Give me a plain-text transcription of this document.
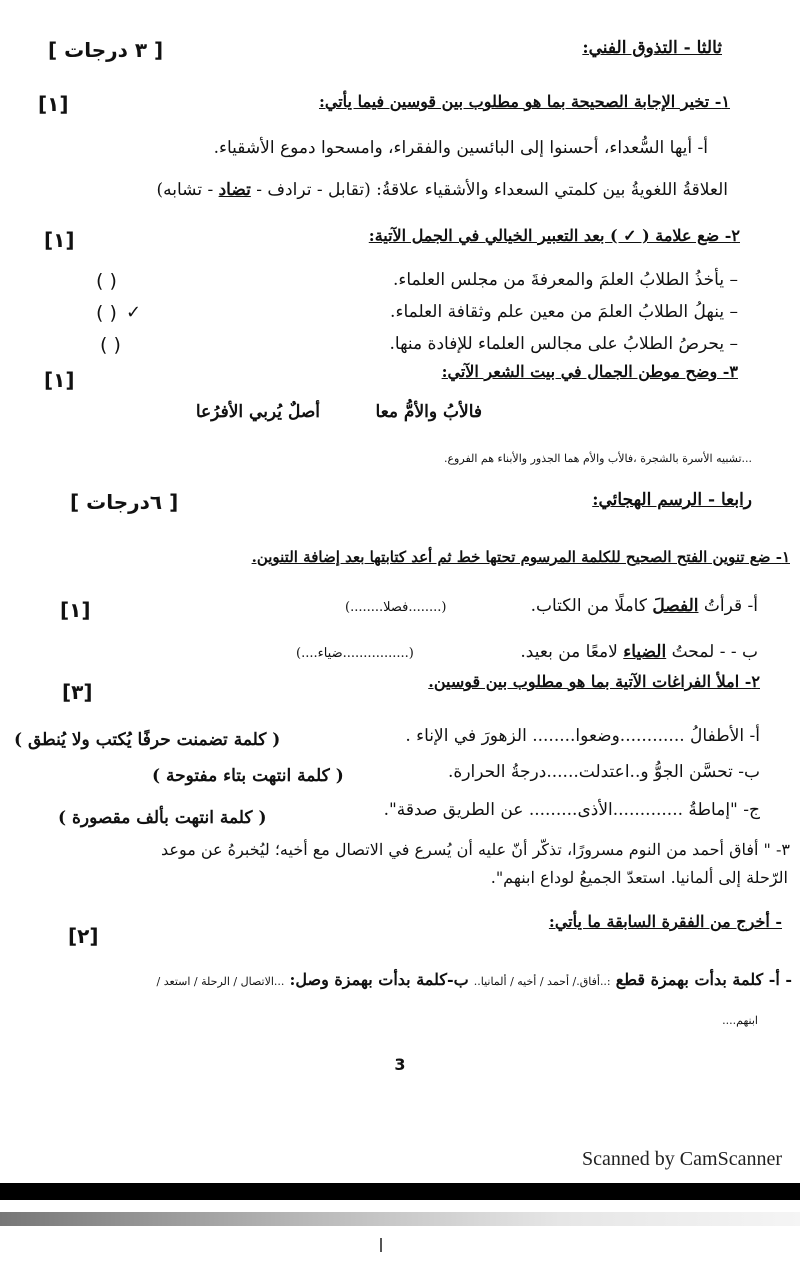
ثالثا - التذوق الفني:
[ ٣ درجات ]
١- تخير الإجابة الصحيحة بما هو مطلوب بين قوسين فيما يأتي:
[١]
أ- أيها السُّعداء، أحسنوا إلى البائسين والفقراء، وامسحوا دموع الأشقياء.
العلاقةُ اللغويةُ بين كلمتي السعداء والأشقياء علاقةُ: (تقابل - ترادف - تضاد - تشابه)
٢- ضع علامة ( ✓ ) بعد التعبير الخيالي في الجمل الآتية:
[١]
– يأخذُ الطلابُ العلمَ والمعرفةَ من مجلس العلماء.
( )
– ينهلُ الطلابُ العلمَ من معين علم وثقافة العلماء.
( ) ✓
– يحرصُ الطلابُ على مجالس العلماء للإفادة منها.
( )
٣- وضح موطن الجمال في بيت الشعر الآتي:
[١]
فالأبُ والأمُّ معا
أصلٌ يُربي الأفرُعا
...تشبيه الأسرة بالشجرة ،فالأب والأم هما الجذور والأبناء هم الفروع.
رابعا - الرسم الهجائي:
[ ٦درجات ]
١- ضع تنوين الفتح الصحيح للكلمة المرسوم تحتها خط ثم أعد كتابتها بعد إضافة التنوين.
[١]	أ- قرأتُ الفصلَ كاملًا من الكتاب.
(........فصلا........)
ب - - لمحتُ الضياء لامعًا من بعيد.
(................ضياء....)
٢- املأ الفراغات الآتية بما هو مطلوب بين قوسين.
[٣]
أ- الأطفالُ ............وضعوا........ الزهورَ في الإناء .
( كلمة تضمنت حرفًا يُكتب ولا يُنطق )
ب- تحسَّن الجوُّ و..اعتدلت......درجةُ الحرارة.
( كلمة انتهت بتاء مفتوحة )
ج- "إماطةُ .............الأذى......... عن الطريق صدقة".
( كلمة انتهت بألف مقصورة )
٣- " أفاق أحمد من النوم مسرورًا، تذكّر أنّ عليه أن يُسرع في الاتصال مع أخيه؛ ليُخبرهُ عن موعد
الرّحلة إلى ألمانيا. استعدّ الجميعُ لوداع ابنهم".
- أخرج من الفقرة السابقة ما يأتي:
[٢]
- أ- كلمة بدأت بهمزة قطع :..أفاق./ أحمد / أخيه / ألمانيا.. ب-كلمة بدأت بهمزة وصل: ...الاتصال / الرحلة / استعد /
ابنهم....
3
Scanned by CamScanner
